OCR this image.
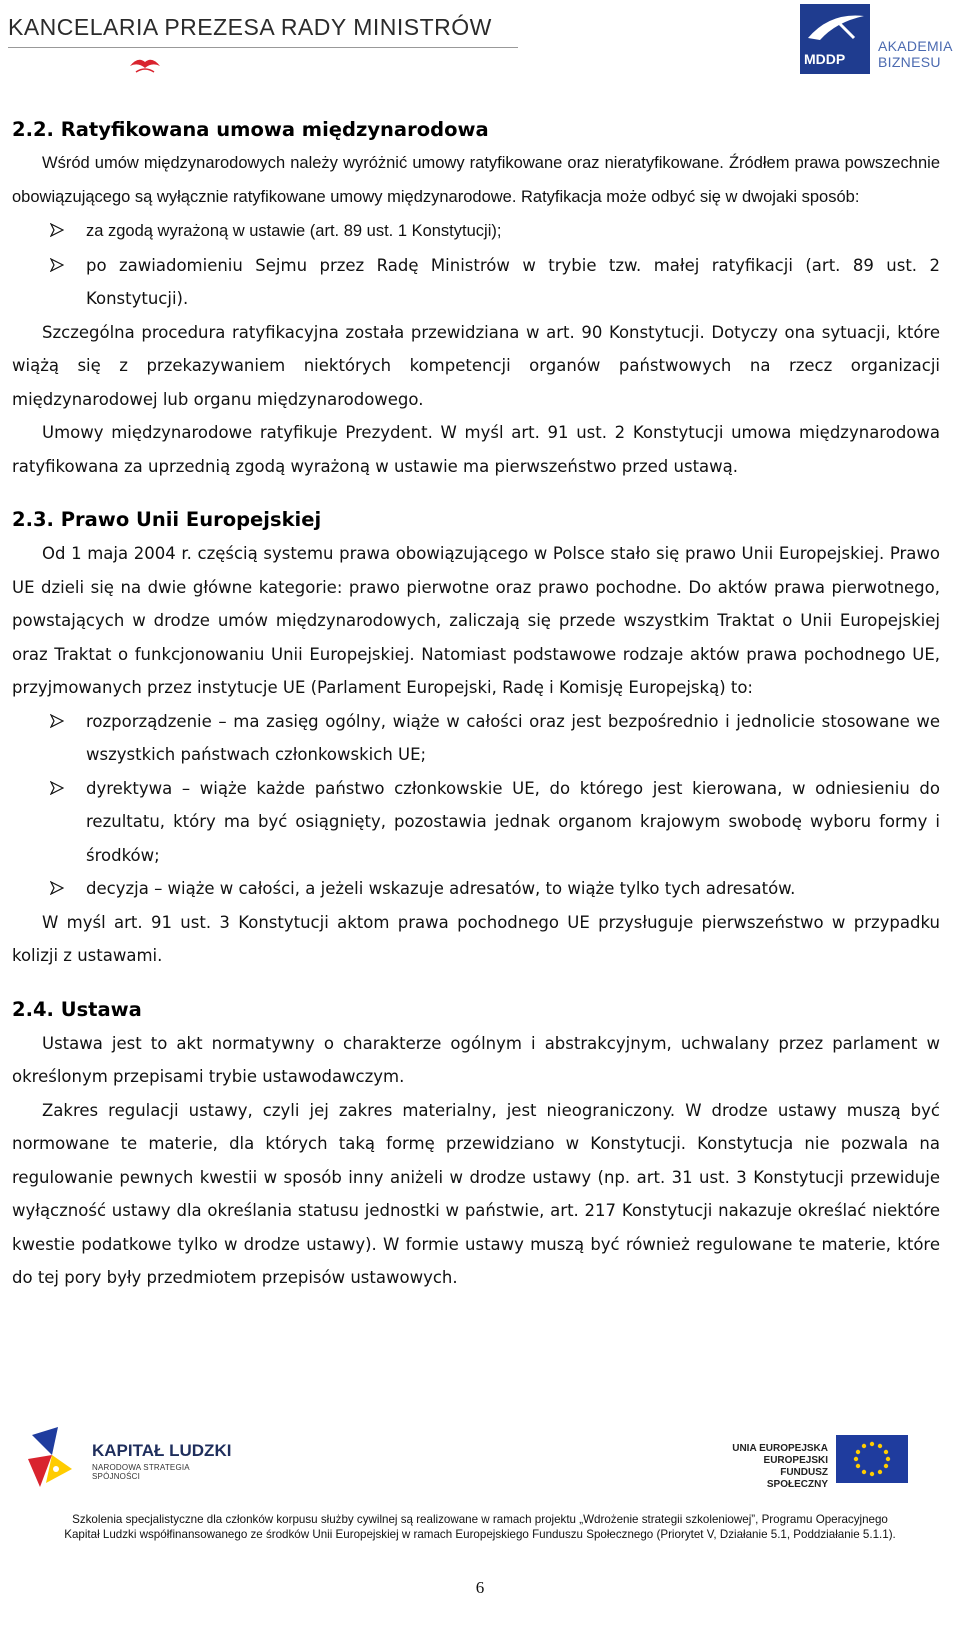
KANCELARIA PREZESA RADY MINISTRÓW
MDDP
AKADEMIA
BIZNESU
2.2. Ratyfikowana umowa międzynarodowa

Wśród umów międzynarodowych należy wyróżnić umowy ratyfikowane oraz nieratyfikowane. Źródłem prawa powszechnie obowiązującego są wyłącznie ratyfikowane umowy międzynarodowe. Ratyfikacja może odbyć się w dwojaki sposób:

za zgodą wyrażoną w ustawie (art. 89 ust. 1 Konstytucji);
po zawiadomieniu Sejmu przez Radę Ministrów w trybie tzw. małej ratyfikacji (art. 89 ust. 2 Konstytucji).

Szczególna procedura ratyfikacyjna została przewidziana w art. 90 Konstytucji. Dotyczy ona sytuacji, które wiążą się z przekazywaniem niektórych kompetencji organów państwowych na rzecz organizacji międzynarodowej lub organu międzynarodowego.

Umowy międzynarodowe ratyfikuje Prezydent. W myśl art. 91 ust. 2 Konstytucji umowa międzynarodowa ratyfikowana za uprzednią zgodą wyrażoną w ustawie ma pierwszeństwo przed ustawą.

2.3. Prawo Unii Europejskiej

Od 1 maja 2004 r. częścią systemu prawa obowiązującego w Polsce stało się prawo Unii Europejskiej. Prawo UE dzieli się na dwie główne kategorie: prawo pierwotne oraz prawo pochodne. Do aktów prawa pierwotnego, powstających w drodze umów międzynarodowych, zaliczają się przede wszystkim Traktat o Unii Europejskiej oraz Traktat o funkcjonowaniu Unii Europejskiej. Natomiast podstawowe rodzaje aktów prawa pochodnego UE, przyjmowanych przez instytucje UE (Parlament Europejski, Radę i Komisję Europejską) to:

rozporządzenie – ma zasięg ogólny, wiąże w całości oraz jest bezpośrednio i jednolicie stosowane we wszystkich państwach członkowskich UE;
dyrektywa – wiąże każde państwo członkowskie UE, do którego jest kierowana, w odniesieniu do rezultatu, który ma być osiągnięty, pozostawia jednak organom krajowym swobodę wyboru formy i środków;
decyzja – wiąże w całości, a jeżeli wskazuje adresatów, to wiąże tylko tych adresatów.

W myśl art. 91 ust. 3 Konstytucji aktom prawa pochodnego UE przysługuje pierwszeństwo w przypadku kolizji z ustawami.

2.4. Ustawa

Ustawa jest to akt normatywny o charakterze ogólnym i abstrakcyjnym, uchwalany przez parlament w określonym przepisami trybie ustawodawczym.

Zakres regulacji ustawy, czyli jej zakres materialny, jest nieograniczony. W drodze ustawy muszą być normowane te materie, dla których taką formę przewidziano w Konstytucji. Konstytucja nie pozwala na regulowanie pewnych kwestii w sposób inny aniżeli w drodze ustawy (np. art. 31 ust. 3 Konstytucji przewiduje wyłączność ustawy dla określania statusu jednostki w państwie, art. 217 Konstytucji nakazuje określać niektóre kwestie podatkowe tylko w drodze ustawy). W formie ustawy muszą być również regulowane te materie, które do tej pory były przedmiotem przepisów ustawowych.

KAPITAŁ LUDZKI
NARODOWA STRATEGIA SPÓJNOŚCI
UNIA EUROPEJSKA
EUROPEJSKI
FUNDUSZ SPOŁECZNY
Szkolenia specjalistyczne dla członków korpusu służby cywilnej są realizowane w ramach projektu „Wdrożenie strategii szkoleniowej”, Programu Operacyjnego
Kapitał Ludzki współfinansowanego ze środków Unii Europejskiej w ramach Europejskiego Funduszu Społecznego (Priorytet V, Działanie 5.1, Poddziałanie 5.1.1).
6
